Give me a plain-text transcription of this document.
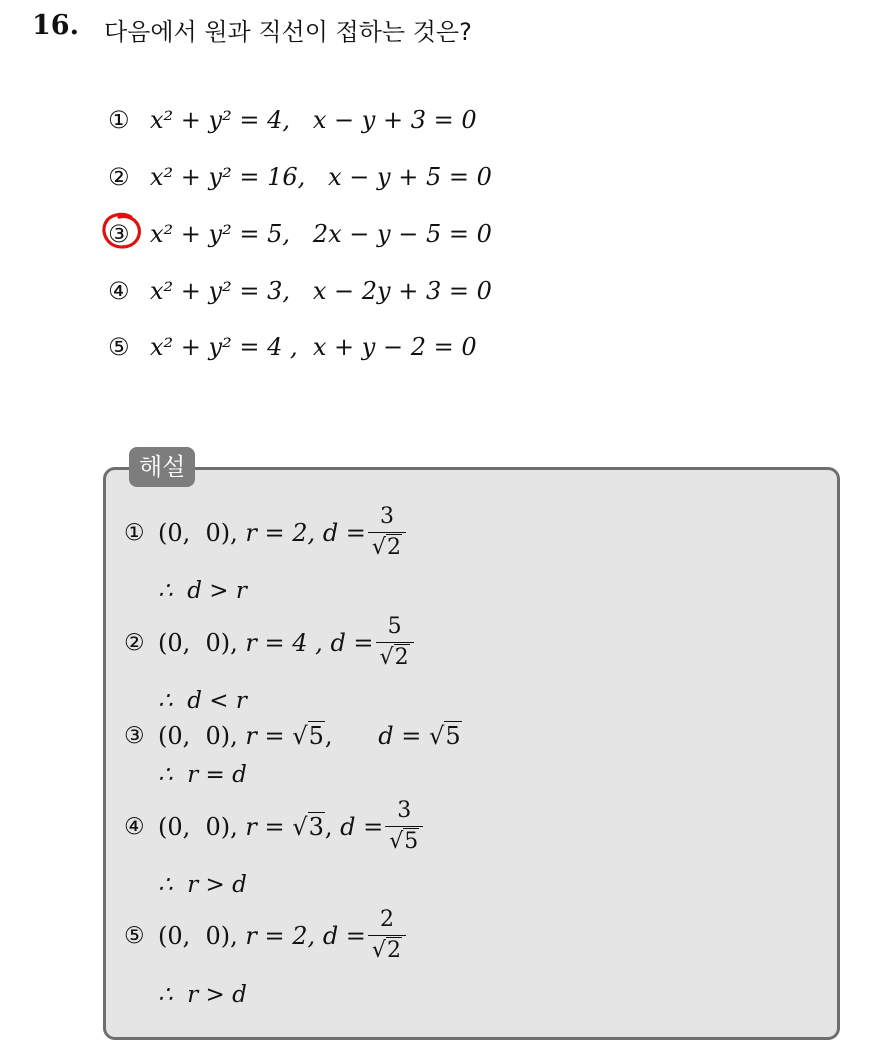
16. 다음에서 원과 직선이 접하는 것은?
① x² + y² = 4,
x − y + 3 = 0
② x² + y² = 16,
x − y + 5 = 0
③ x² + y² = 5,
2x − y − 5 = 0
④ x² + y² = 3,
x − 2y + 3 = 0
⑤ x² + y² = 4 ,
x + y − 2 = 0
해설
① (0,  0),
r = 2,
$d = \frac{3}{√2}$
∴  d > r
② (0,  0),
r = 4 ,
$d = \frac{5}{√2}$
∴  d < r
③ (0,  0),
r =
√5 , d =
√5
∴  r = d
④ (0,  0),
r =
√3 , $d = \frac{3}{√5}$
∴  r > d
⑤ (0,  0),
r = 2,
$d = \frac{2}{√2}$
∴  r > d
